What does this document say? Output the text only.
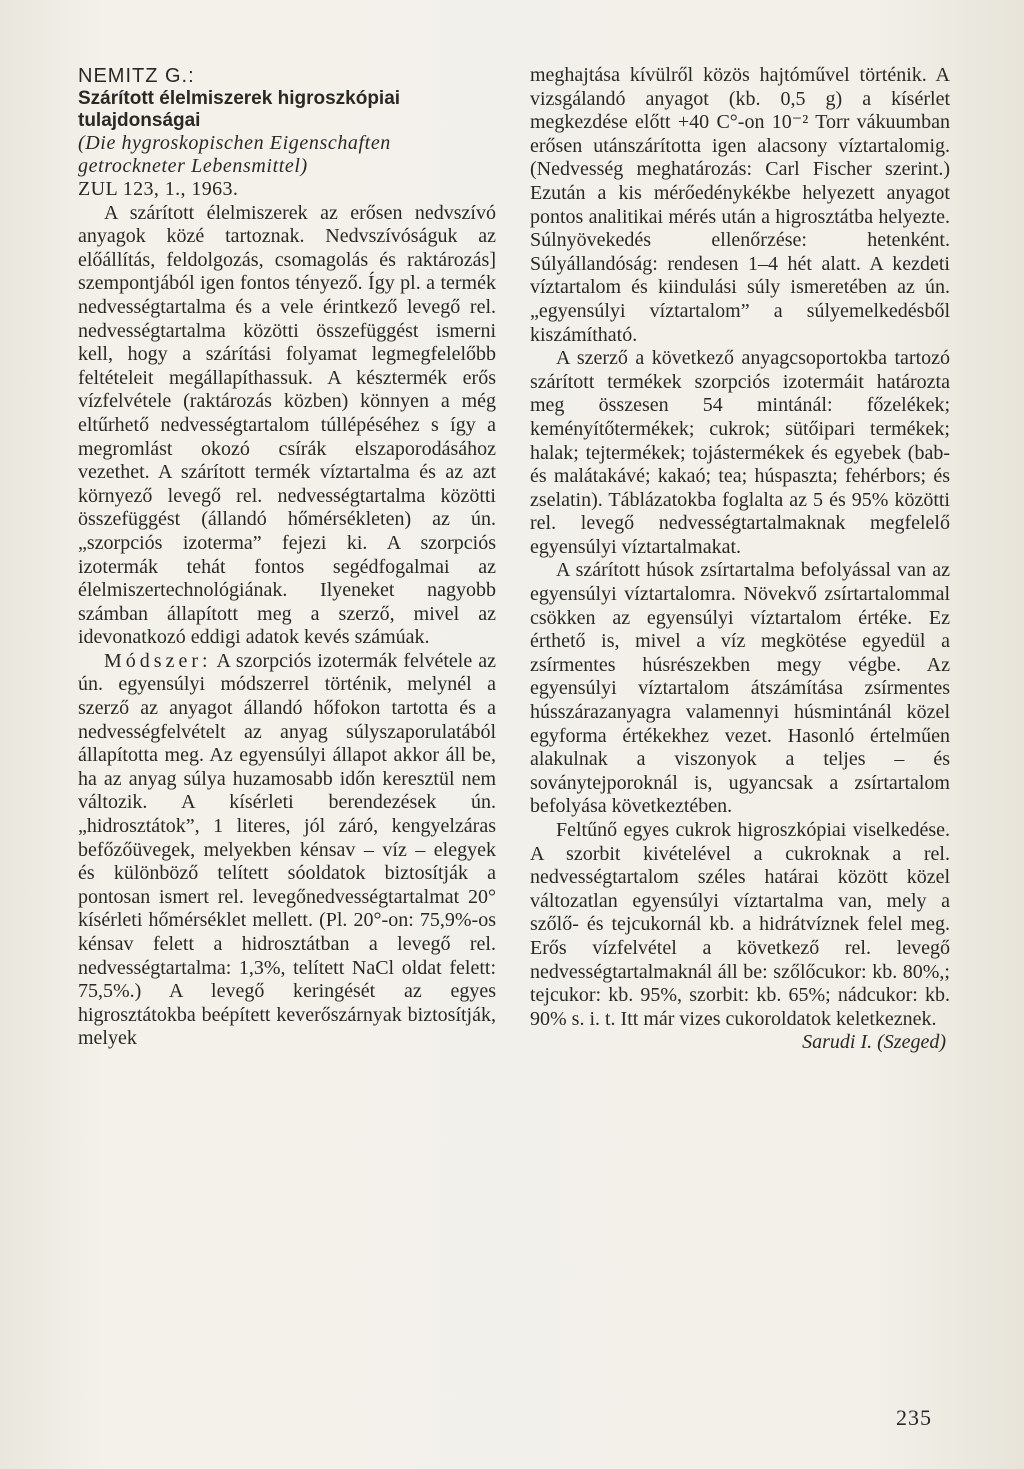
NEMITZ G.:

Szárított élelmiszerek higroszkópiai tulajdonságai

(Die hygroskopischen Eigenschaften getrockneter Lebensmittel)

ZUL 123, 1., 1963.

A szárított élelmiszerek az erősen nedvszívó anyagok közé tartoznak. Nedvszívóságuk az előállítás, feldolgozás, csomagolás és raktározás] szempontjából igen fontos tényező. Így pl. a termék nedvességtartalma és a vele érintkező levegő rel. nedvességtartalma közötti összefüggést ismerni kell, hogy a szárítási folyamat legmegfelelőbb feltételeit megállapíthassuk. A késztermék erős vízfelvétele (raktározás közben) könnyen a még eltűrhető nedvességtartalom túllépéséhez s így a megromlást okozó csírák elszaporodásához vezethet. A szárított termék víztartalma és az azt környező levegő rel. nedvességtartalma közötti összefüggést (állandó hőmérsékleten) az ún. „szorpciós izoterma” fejezi ki. A szorpciós izotermák tehát fontos segédfogalmai az élelmiszertechnológiának. Ilyeneket nagyobb számban állapított meg a szerző, mivel az idevonatkozó eddigi adatok kevés számúak.

Módszer: A szorpciós izotermák felvétele az ún. egyensúlyi módszerrel történik, melynél a szerző az anyagot állandó hőfokon tartotta és a nedvességfelvételt az anyag súlyszaporulatából állapította meg. Az egyensúlyi állapot akkor áll be, ha az anyag súlya huzamosabb időn keresztül nem változik. A kísérleti berendezések ún. „hidrosztátok”, 1 literes, jól záró, kengyelzáras befőzőüvegek, melyekben kénsav – víz – elegyek és különböző telített sóoldatok biztosítják a pontosan ismert rel. levegőnedvességtartalmat 20° kísérleti hőmérséklet mellett. (Pl. 20°-on: 75,9%-os kénsav felett a hidrosztátban a levegő rel. nedvességtartalma: 1,3%, telített NaCl oldat felett: 75,5%.) A levegő keringését az egyes higrosztátokba beépített keverőszárnyak biztosítják, melyek

meghajtása kívülről közös hajtóművel történik. A vizsgálandó anyagot (kb. 0,5 g) a kísérlet megkezdése előtt +40 C°-on 10⁻² Torr vákuumban erősen utánszárította igen alacsony víztartalomig. (Nedvesség meghatározás: Carl Fischer szerint.) Ezután a kis mérőedénykékbe helyezett anyagot pontos analitikai mérés után a higrosztátba helyezte. Súlnyövekedés ellenőrzése: hetenként. Súlyállandóság: rendesen 1–4 hét alatt. A kezdeti víztartalom és kiindulási súly ismeretében az ún. „egyensúlyi víztartalom” a súlyemelkedésből kiszámítható.

A szerző a következő anyagcsoportokba tartozó szárított termékek szorpciós izotermáit határozta meg összesen 54 mintánál: főzelékek; keményítőtermékek; cukrok; sütőipari termékek; halak; tejtermékek; tojástermékek és egyebek (bab- és malátakávé; kakaó; tea; húspaszta; fehérbors; és zselatin). Táblázatokba foglalta az 5 és 95% közötti rel. levegő nedvességtartalmaknak megfelelő egyensúlyi víztartalmakat.

A szárított húsok zsírtartalma befolyással van az egyensúlyi víztartalomra. Növekvő zsírtartalommal csökken az egyensúlyi víztartalom értéke. Ez érthető is, mivel a víz megkötése egyedül a zsírmentes húsrészekben megy végbe. Az egyensúlyi víztartalom átszámítása zsírmentes hússzárazanyagra valamennyi húsmintánál közel egyforma értékekhez vezet. Hasonló értelműen alakulnak a viszonyok a teljes – és soványtejporoknál is, ugyancsak a zsírtartalom befolyása következtében.

Feltűnő egyes cukrok higroszkópiai viselkedése. A szorbit kivételével a cukroknak a rel. nedvességtartalom széles határai között közel változatlan egyensúlyi víztartalma van, mely a szőlő- és tejcukornál kb. a hidrátvíznek felel meg. Erős vízfelvétel a következő rel. levegő nedvességtartalmaknál áll be: szőlőcukor: kb. 80%,; tejcukor: kb. 95%, szorbit: kb. 65%; nádcukor: kb. 90% s. i. t. Itt már vizes cukoroldatok keletkeznek.

Sarudi I. (Szeged)

235
